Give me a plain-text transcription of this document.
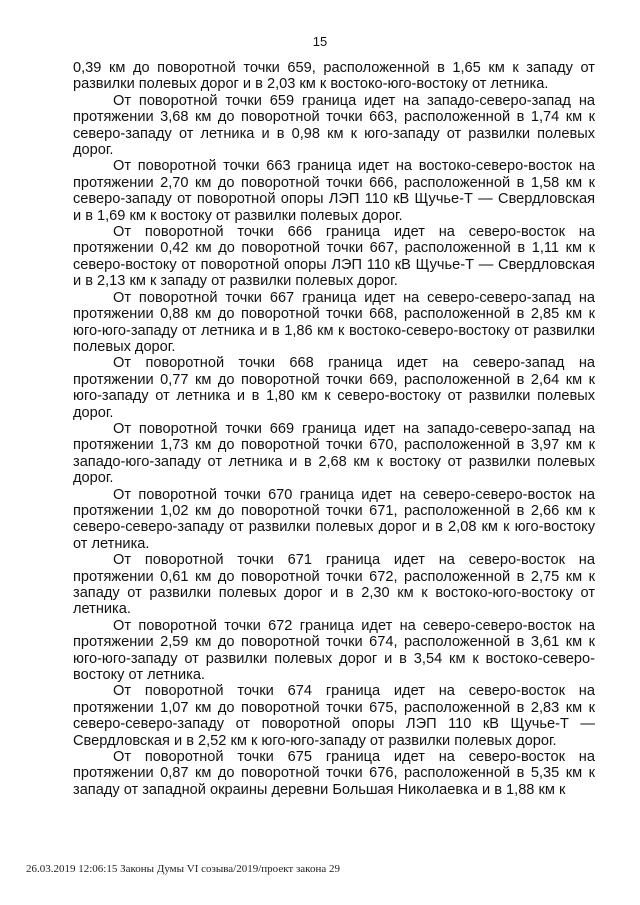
15

0,39 км до поворотной точки 659, расположенной в 1,65 км к западу от развилки полевых дорог и в 2,03 км к востоко-юго-востоку от летника.

От поворотной точки 659 граница идет на западо-северо-запад на протяжении 3,68 км до поворотной точки 663, расположенной в 1,74 км к северо-западу от летника и в 0,98 км к юго-западу от развилки полевых дорог.

От поворотной точки 663 граница идет на востоко-северо-восток на протяжении 2,70 км до поворотной точки 666, расположенной в 1,58 км к северо-западу от поворотной опоры ЛЭП 110 кВ Щучье-Т — Свердловская и в 1,69 км к востоку от развилки полевых дорог.

От поворотной точки 666 граница идет на северо-восток на протяжении 0,42 км до поворотной точки 667, расположенной в 1,11 км к северо-востоку от поворотной опоры ЛЭП 110 кВ Щучье-Т — Свердловская и в 2,13 км к западу от развилки полевых дорог.

От поворотной точки 667 граница идет на северо-северо-запад на протяжении 0,88 км до поворотной точки 668, расположенной в 2,85 км к юго-юго-западу от летника и в 1,86 км к востоко-северо-востоку от развилки полевых дорог.

От поворотной точки 668 граница идет на северо-запад на протяжении 0,77 км до поворотной точки 669, расположенной в 2,64 км к юго-западу от летника и в 1,80 км к северо-востоку от развилки полевых дорог.

От поворотной точки 669 граница идет на западо-северо-запад на протяжении 1,73 км до поворотной точки 670, расположенной в 3,97 км к западо-юго-западу от летника и в 2,68 км к востоку от развилки полевых дорог.

От поворотной точки 670 граница идет на северо-северо-восток на протяжении 1,02 км до поворотной точки 671, расположенной в 2,66 км к северо-северо-западу от развилки полевых дорог и в 2,08 км к юго-востоку от летника.

От поворотной точки 671 граница идет на северо-восток на протяжении 0,61 км до поворотной точки 672, расположенной в 2,75 км к западу от развилки полевых дорог и в 2,30 км к востоко-юго-востоку от летника.

От поворотной точки 672 граница идет на северо-северо-восток на протяжении 2,59 км до поворотной точки 674, расположенной в 3,61 км к юго-юго-западу от развилки полевых дорог и в 3,54 км к востоко-северо-востоку от летника.

От поворотной точки 674 граница идет на северо-восток на протяжении 1,07 км до поворотной точки 675, расположенной в 2,83 км к северо-северо-западу от поворотной опоры ЛЭП 110 кВ Щучье-Т — Свердловская и в 2,52 км к юго-юго-западу от развилки полевых дорог.

От поворотной точки 675 граница идет на северо-восток на протяжении 0,87 км до поворотной точки 676, расположенной в 5,35 км к западу от западной окраины деревни Большая Николаевка и в 1,88 км к

26.03.2019 12:06:15 Законы Думы VI созыва/2019/проект закона 29
